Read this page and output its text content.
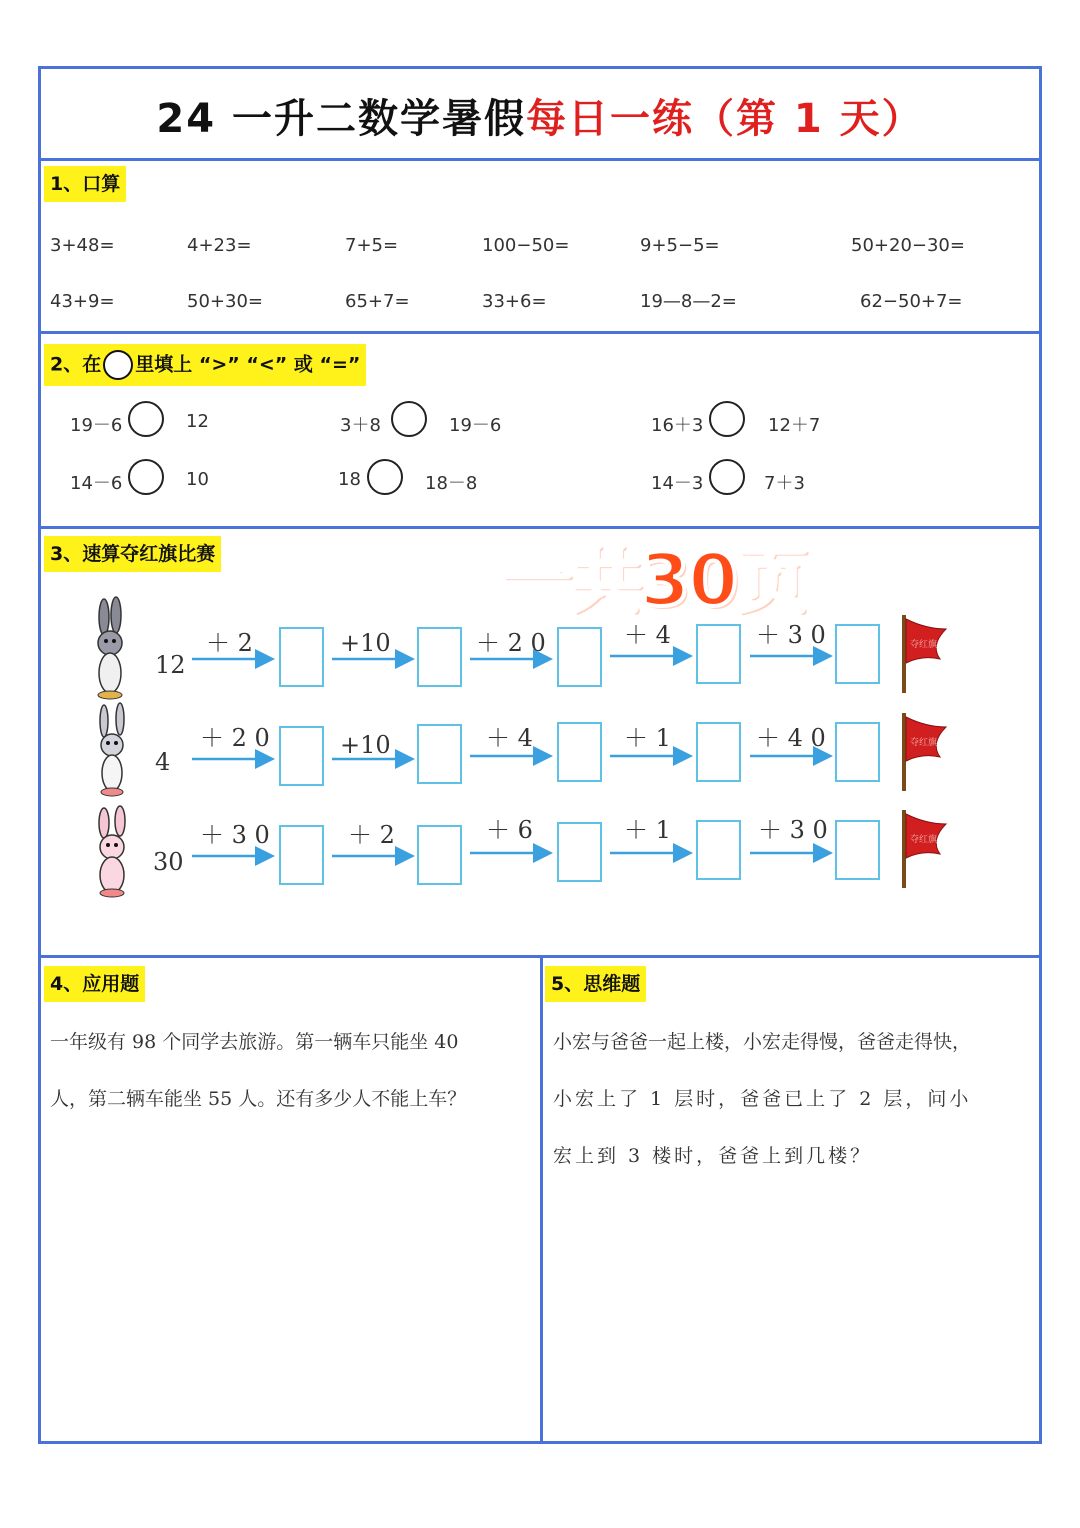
24 一升二数学暑假每日一练（第 1 天）
1、口算
3+48=	4+23=	7+5=	100−50=	9+5−5=	50+20−30=
43+9=	50+30=	65+7=	33+6=	19—8—2=	62−50+7=
2、在 里填上 “>” “<” 或 “=”
19－6	12	3＋8	19－6	16＋3	12＋7
14－6	10	18	18－8	14－3	7＋3
3、速算夺红旗比赛
12
＋ 2	+10	＋ 2 0	＋ 4	＋ 3 0
4
＋ 2 0	+10	＋ 4	＋ 1	＋ 4 0
30
＋ 3 0	＋ 2	＋ 6	＋ 1	＋ 3 0
夺红旗
夺红旗
夺红旗
一共30页
4、应用题
一年级有 98 个同学去旅游。第一辆车只能坐 40
人，第二辆车能坐 55 人。还有多少人不能上车？
5、思维题
小宏与爸爸一起上楼，小宏走得慢，爸爸走得快，
小宏上了 1 层时，爸爸已上了 2 层，问小
宏上到 3 楼时，爸爸上到几楼？
